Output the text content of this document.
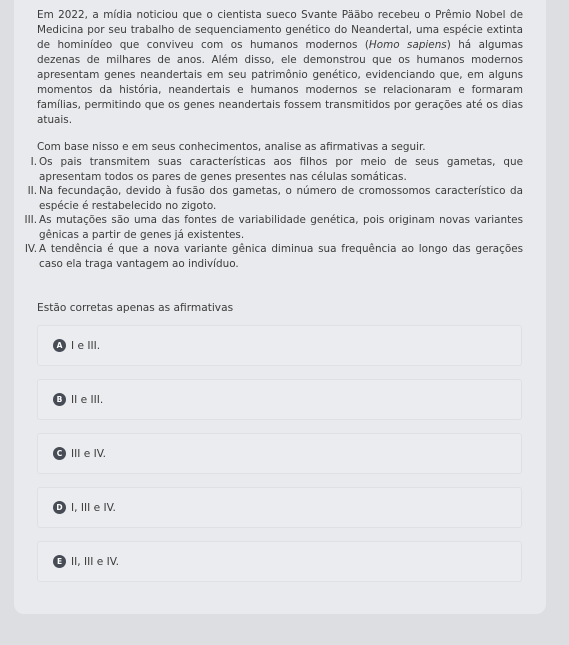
Em 2022, a mídia noticiou que o cientista sueco Svante Pääbo recebeu o Prêmio Nobel de Medicina por seu trabalho de sequenciamento genético do Neandertal, uma espécie extinta de hominídeo que conviveu com os humanos modernos (Homo sapiens) há algumas dezenas de milhares de anos. Além disso, ele demonstrou que os humanos modernos apresentam genes neandertais em seu patrimônio genético, evidenciando que, em alguns momentos da história, neandertais e humanos modernos se relacionaram e formaram famílias, permitindo que os genes neandertais fossem transmitidos por gerações até os dias atuais.

Com base nisso e em seus conhecimentos, analise as afirmativas a seguir.

I. Os pais transmitem suas características aos filhos por meio de seus gametas, que apresentam todos os pares de genes presentes nas células somáticas.
II. Na fecundação, devido à fusão dos gametas, o número de cromossomos característico da espécie é restabelecido no zigoto.
III. As mutações são uma das fontes de variabilidade genética, pois originam novas variantes gênicas a partir de genes já existentes.
IV. A tendência é que a nova variante gênica diminua sua frequência ao longo das gerações caso ela traga vantagem ao indivíduo.
Estão corretas apenas as afirmativas
A I e III.
B II e III.
C III e IV.
D I, III e IV.
E II, III e IV.
